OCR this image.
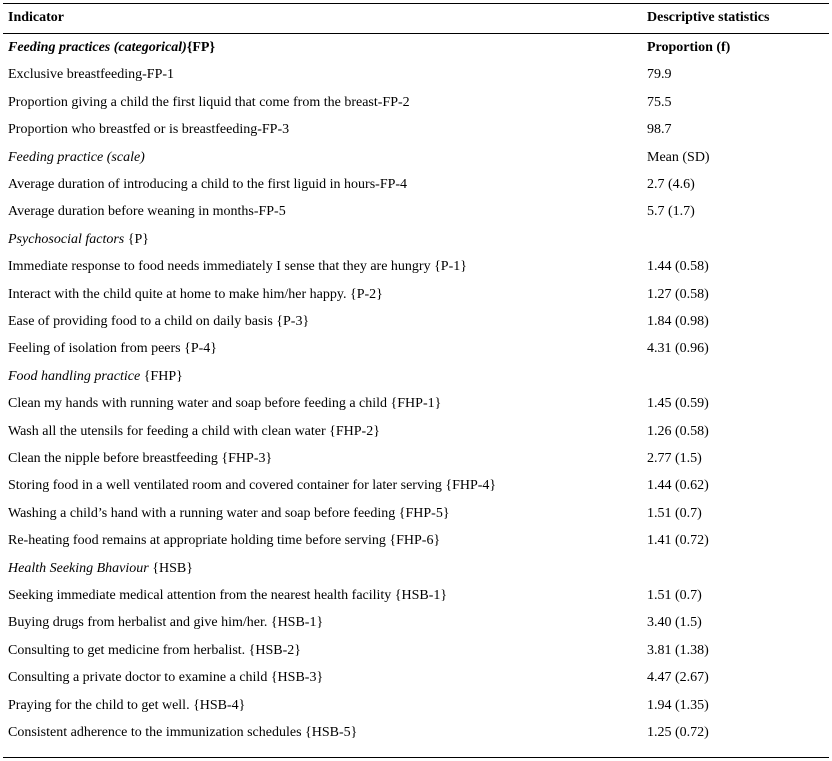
Indicator	Descriptive statistics
Feeding practices (categorical){FP}	Proportion (f)
Exclusive breastfeeding-FP-1	79.9
Proportion giving a child the first liquid that come from the breast-FP-2	75.5
Proportion who breastfed or is breastfeeding-FP-3	98.7
Feeding practice (scale)	Mean (SD)
Average duration of introducing a child to the first liguid in hours-FP-4	2.7 (4.6)
Average duration before weaning in months-FP-5	5.7 (1.7)
Psychosocial factors {P}
Immediate response to food needs immediately I sense that they are hungry {P-1}	1.44 (0.58)
Interact with the child quite at home to make him/her happy. {P-2}	1.27 (0.58)
Ease of providing food to a child on daily basis {P-3}	1.84 (0.98)
Feeling of isolation from peers {P-4}	4.31 (0.96)
Food handling practice {FHP}
Clean my hands with running water and soap before feeding a child {FHP-1}	1.45 (0.59)
Wash all the utensils for feeding a child with clean water {FHP-2}	1.26 (0.58)
Clean the nipple before breastfeeding {FHP-3}	2.77 (1.5)
Storing food in a well ventilated room and covered container for later serving {FHP-4}	1.44 (0.62)
Washing a child’s hand with a running water and soap before feeding {FHP-5}	1.51 (0.7)
Re-heating food remains at appropriate holding time before serving {FHP-6}	1.41 (0.72)
Health Seeking Bhaviour {HSB}
Seeking immediate medical attention from the nearest health facility {HSB-1}	1.51 (0.7)
Buying drugs from herbalist and give him/her. {HSB-1}	3.40 (1.5)
Consulting to get medicine from herbalist. {HSB-2}	3.81 (1.38)
Consulting a private doctor to examine a child {HSB-3}	4.47 (2.67)
Praying for the child to get well. {HSB-4}	1.94 (1.35)
Consistent adherence to the immunization schedules {HSB-5}	1.25 (0.72)
